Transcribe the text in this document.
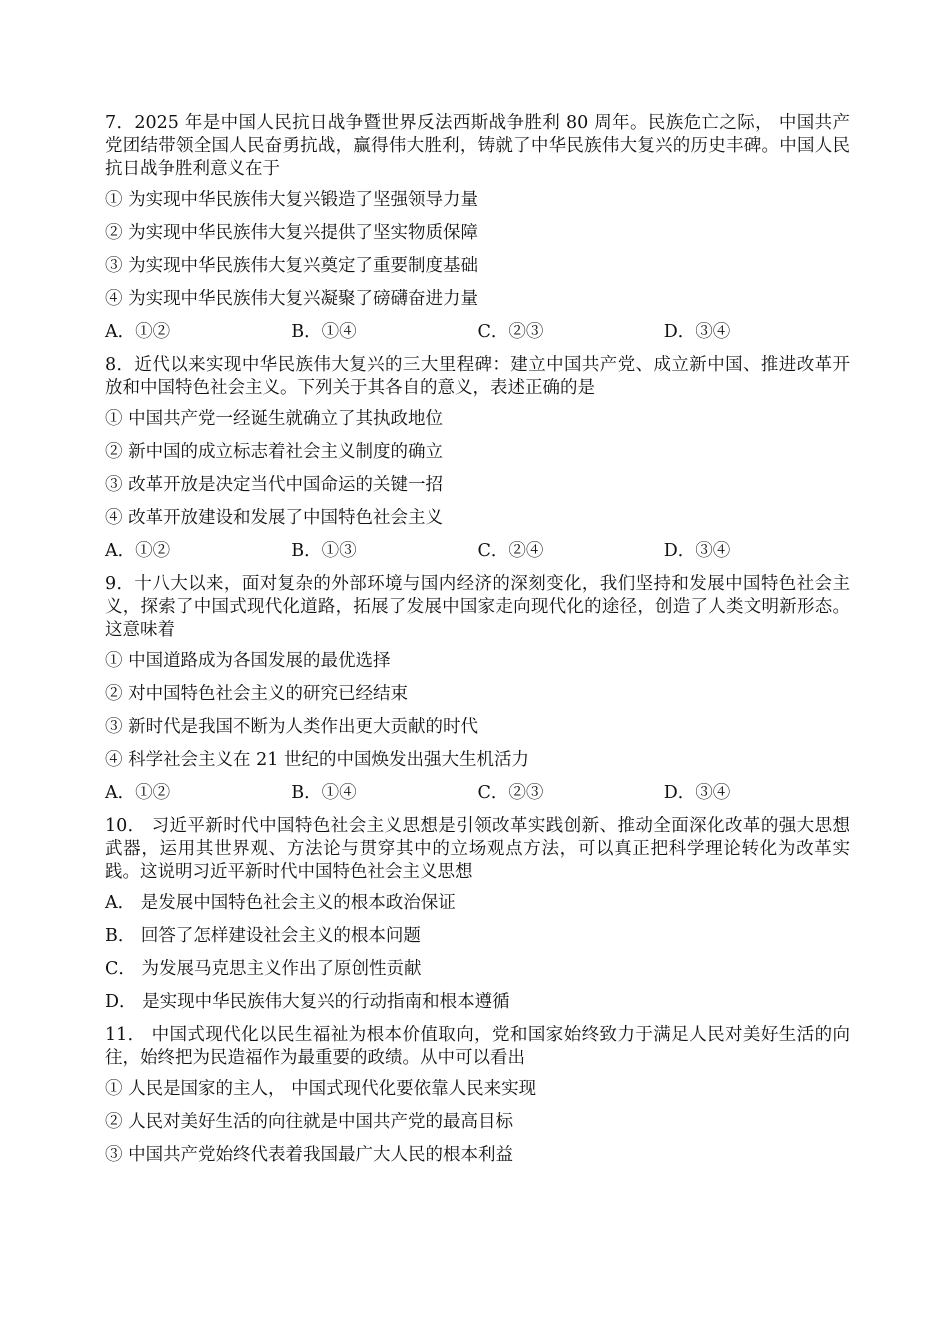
7．2025 年是中国人民抗日战争暨世界反法西斯战争胜利 80 周年。民族危亡之际， 中国共产党团结带领全国人民奋勇抗战，赢得伟大胜利，铸就了中华民族伟大复兴的历史丰碑。中国人民抗日战争胜利意义在于

① 为实现中华民族伟大复兴锻造了坚强领导力量
② 为实现中华民族伟大复兴提供了坚实物质保障
③ 为实现中华民族伟大复兴奠定了重要制度基础
④ 为实现中华民族伟大复兴凝聚了磅礴奋进力量
A．①②	B．①④	C．②③	D．③④

8．近代以来实现中华民族伟大复兴的三大里程碑：建立中国共产党、成立新中国、推进改革开放和中国特色社会主义。下列关于其各自的意义，表述正确的是

① 中国共产党一经诞生就确立了其执政地位
② 新中国的成立标志着社会主义制度的确立
③ 改革开放是决定当代中国命运的关键一招
④ 改革开放建设和发展了中国特色社会主义
A．①②	B．①③	C．②④	D．③④

9．十八大以来，面对复杂的外部环境与国内经济的深刻变化，我们坚持和发展中国特色社会主义，探索了中国式现代化道路，拓展了发展中国家走向现代化的途径，创造了人类文明新形态。这意味着

① 中国道路成为各国发展的最优选择
② 对中国特色社会主义的研究已经结束
③ 新时代是我国不断为人类作出更大贡献的时代
④ 科学社会主义在 21 世纪的中国焕发出强大生机活力
A．①②	B．①④	C．②③	D．③④

10． 习近平新时代中国特色社会主义思想是引领改革实践创新、推动全面深化改革的强大思想武器，运用其世界观、方法论与贯穿其中的立场观点方法，可以真正把科学理论转化为改革实践。这说明习近平新时代中国特色社会主义思想

A． 是发展中国特色社会主义的根本政治保证
B． 回答了怎样建设社会主义的根本问题
C． 为发展马克思主义作出了原创性贡献
D． 是实现中华民族伟大复兴的行动指南和根本遵循

11． 中国式现代化以民生福祉为根本价值取向，党和国家始终致力于满足人民对美好生活的向往，始终把为民造福作为最重要的政绩。从中可以看出

① 人民是国家的主人， 中国式现代化要依靠人民来实现
② 人民对美好生活的向往就是中国共产党的最高目标
③ 中国共产党始终代表着我国最广大人民的根本利益
